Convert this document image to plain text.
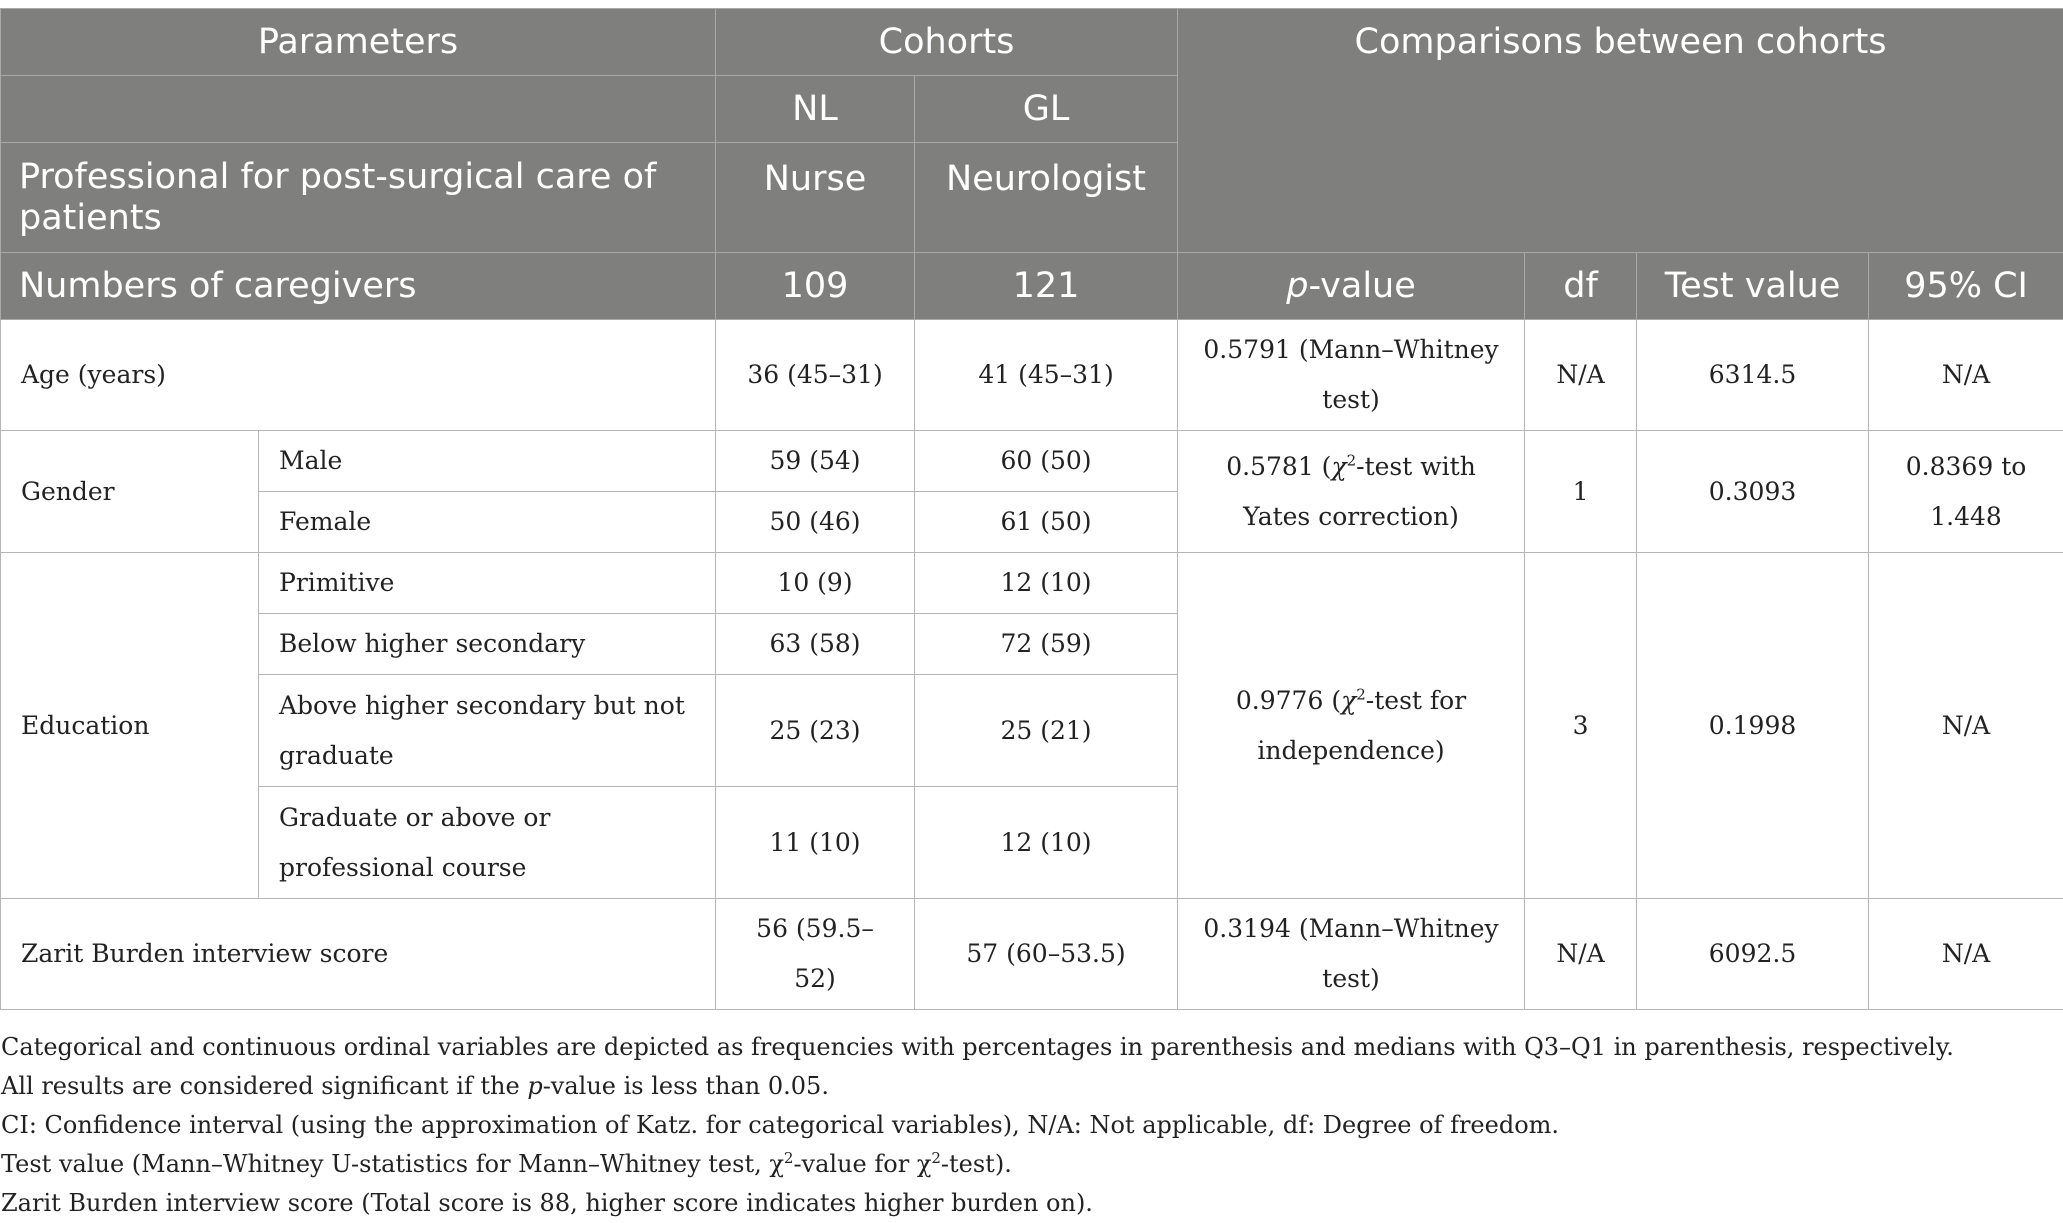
Parameters		Cohorts		Comparisons between cohorts			
		NL	GL				
Professional for post-surgical care of patients		Nurse	Neurologist				
Numbers of caregivers		109	121	p-value	df	Test value	95% CI
Age (years)		36 (45–31)	41 (45–31)	0.5791 (Mann–Whitney test)	N/A	6314.5	N/A
Gender	Male	59 (54)	60 (50)	0.5781 ($\chi^2$-test with Yates correction)	1	0.3093	0.8369 to 1.448
	Female	50 (46)	61 (50)				
Education	Primitive	10 (9)	12 (10)	0.9776 ($\chi^2$-test for independence)	3	0.1998	N/A
	Below higher secondary	63 (58)	72 (59)				
	Above higher secondary but not graduate	25 (23)	25 (21)				
	Graduate or above or professional course	11 (10)	12 (10)				
Zarit Burden interview score		56 (59.5–52)	57 (60–53.5)	0.3194 (Mann–Whitney test)	N/A	6092.5	N/A
Categorical and continuous ordinal variables are depicted as frequencies with percentages in parenthesis and medians with Q3–Q1 in parenthesis, respectively.
All results are considered significant if the p-value is less than 0.05.
CI: Confidence interval (using the approximation of Katz. for categorical variables), N/A: Not applicable, df: Degree of freedom.
Test value (Mann–Whitney U-statistics for Mann–Whitney test, $\chi^2$-value for $\chi^2-test$).
Zarit Burden interview score (Total score is 88, higher score indicates higher burden on).
